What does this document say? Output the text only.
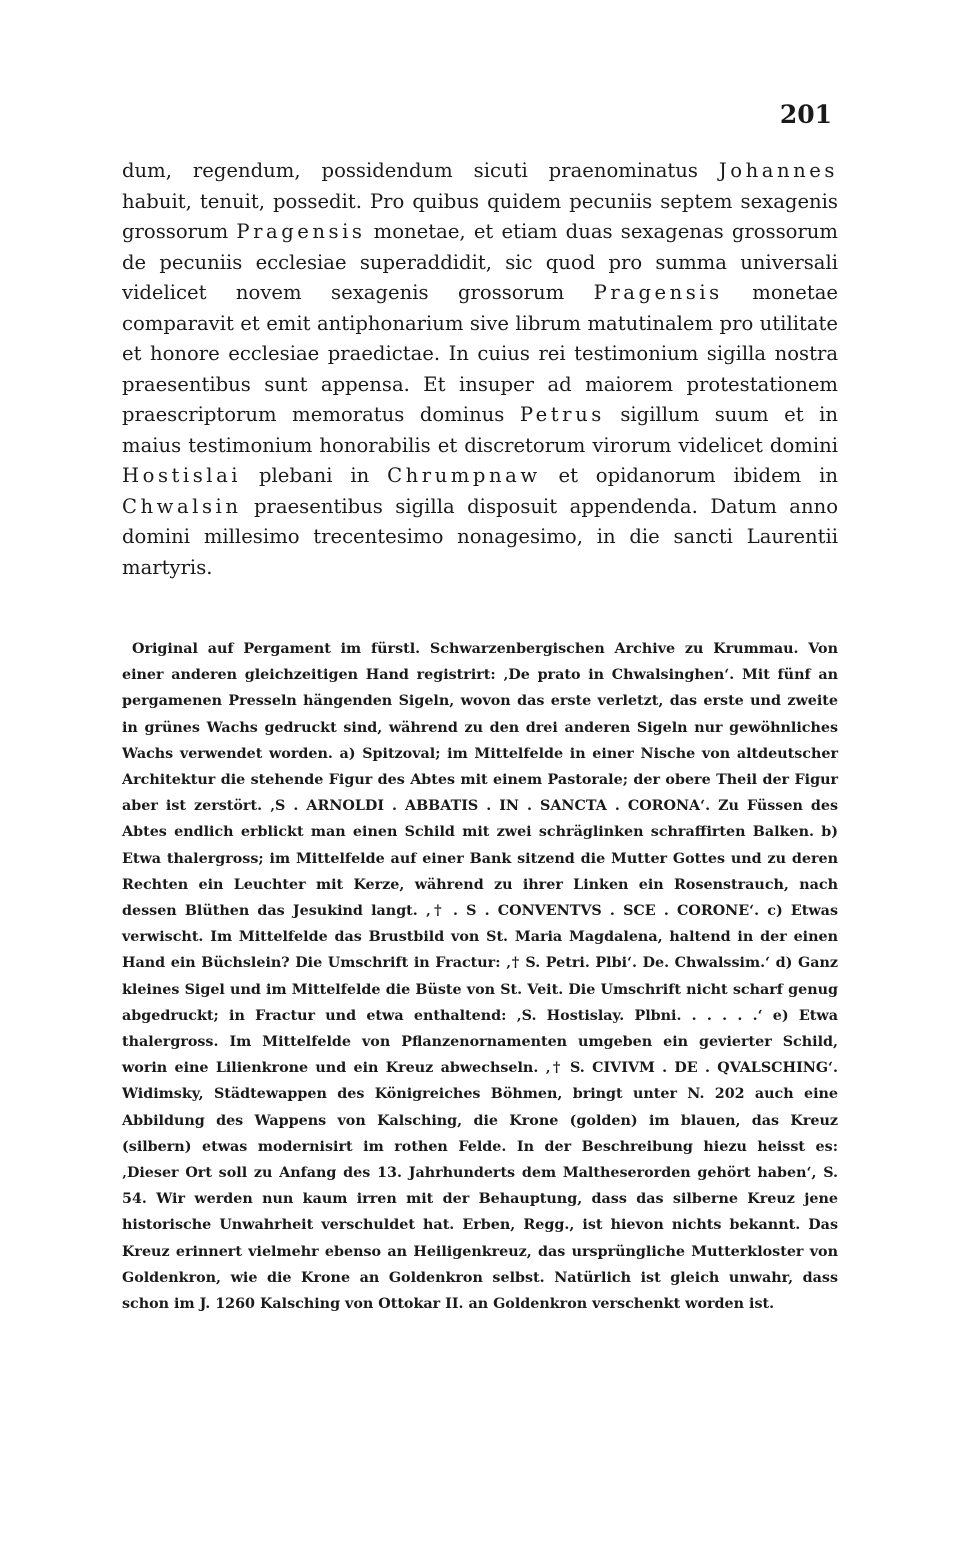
201

dum, regendum, possidendum sicuti praenominatus Johannes habuit, tenuit, possedit. Pro quibus quidem pecuniis septem sexagenis grossorum Pragensis monetae, et etiam duas sexagenas grossorum de pecuniis ecclesiae superaddidit, sic quod pro summa universali videlicet novem sexagenis grossorum Pragensis monetae comparavit et emit antiphonarium sive librum matutinalem pro utilitate et honore ecclesiae praedictae. In cuius rei testimonium sigilla nostra praesentibus sunt appensa. Et insuper ad maiorem protestationem praescriptorum memoratus dominus Petrus sigillum suum et in maius testimonium honorabilis et discretorum virorum videlicet domini Hostislai plebani in Chrumpnaw et opidanorum ibidem in Chwalsin praesentibus sigilla disposuit appendenda. Datum anno domini millesimo trecentesimo nonagesimo, in die sancti Laurentii martyris.

Original auf Pergament im fürstl. Schwarzenbergischen Archive zu Krummau. Von einer anderen gleichzeitigen Hand registrirt: ‚De prato in Chwalsinghen‘. Mit fünf an pergamenen Presseln hängenden Sigeln, wovon das erste verletzt, das erste und zweite in grünes Wachs gedruckt sind, während zu den drei anderen Sigeln nur gewöhnliches Wachs verwendet worden. a) Spitzoval; im Mittelfelde in einer Nische von altdeutscher Architektur die stehende Figur des Abtes mit einem Pastorale; der obere Theil der Figur aber ist zerstört. ‚S . ARNOLDI . ABBATIS . IN . SANCTA . CORONA‘. Zu Füssen des Abtes endlich erblickt man einen Schild mit zwei schräglinken schraffirten Balken. b) Etwa thalergross; im Mittelfelde auf einer Bank sitzend die Mutter Gottes und zu deren Rechten ein Leuchter mit Kerze, während zu ihrer Linken ein Rosenstrauch, nach dessen Blüthen das Jesukind langt. ‚† . S . CONVENTVS . SCE . CORONE‘. c) Etwas verwischt. Im Mittelfelde das Brustbild von St. Maria Magdalena, haltend in der einen Hand ein Büchslein? Die Umschrift in Fractur: ‚† S. Petri. Plbi‘. De. Chwalssim.‘ d) Ganz kleines Sigel und im Mittelfelde die Büste von St. Veit. Die Umschrift nicht scharf genug abgedruckt; in Fractur und etwa enthaltend: ‚S. Hostislay. Plbni. . . . . .‘ e) Etwa thalergross. Im Mittelfelde von Pflanzenornamenten umgeben ein gevierter Schild, worin eine Lilienkrone und ein Kreuz abwechseln. ‚† S. CIVIVM . DE . QVALSCHING‘. Widimsky, Städtewappen des Königreiches Böhmen, bringt unter N. 202 auch eine Abbildung des Wappens von Kalsching, die Krone (golden) im blauen, das Kreuz (silbern) etwas modernisirt im rothen Felde. In der Beschreibung hiezu heisst es: ‚Dieser Ort soll zu Anfang des 13. Jahrhunderts dem Maltheserorden gehört haben‘, S. 54. Wir werden nun kaum irren mit der Behauptung, dass das silberne Kreuz jene historische Unwahrheit verschuldet hat. Erben, Regg., ist hievon nichts bekannt. Das Kreuz erinnert vielmehr ebenso an Heiligenkreuz, das ursprüngliche Mutterkloster von Goldenkron, wie die Krone an Goldenkron selbst. Natürlich ist gleich unwahr, dass schon im J. 1260 Kalsching von Ottokar II. an Goldenkron verschenkt worden ist.
